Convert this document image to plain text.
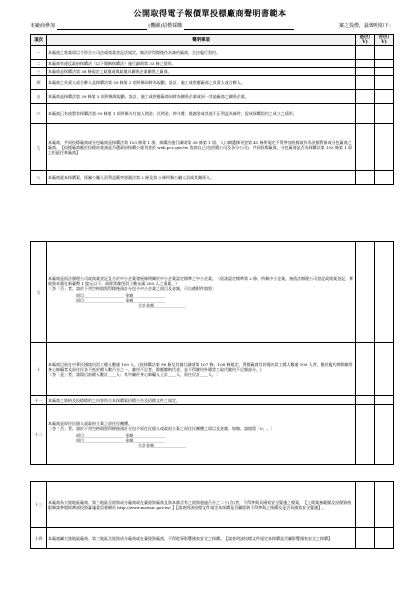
公開取得電子報價單投標廠商聲明書範本
本廠商參加	(機關)招標採購	案之投標，茲聲明如下：
項次	聲明事項	是(打V)	否(打V)
一	本廠商之營業項目不符合公司法或商業登記法規定，無法於得標後作為簽約廠商，合法履行契約。		
二	本廠商有違反政府採購法（以下簡稱採購法）施行細則第 33 條之情形。		
三	本廠商是採購法第 38 條規定之政黨或與政黨具關係企業關係之廠商。		
四	本廠商之負責人或合夥人是採購法第 39 條第 2 項所稱同時為規劃、設計、施工或供應廠商之負責人或合夥人。		
五	本廠商是採購法第 39 條第 3 項所稱與規劃、設計、施工或供應廠商同時為關係企業或同一其他廠商之關係企業。		
六	本廠商已有或將有採購法第 59 條第 1 項所稱支付他人佣金、比例金、仲介費、後謝金或其他不正利益為條件，促成採購契約之成立之情形。		
七	本廠商、共同投標廠商或分包廠商是採購法第 103 條第 1 項、採購法施行細則第 38 條第 1 項、入口網選擇刊登第 41 條所規定不得參加投標或作為決標對象或分包廠商之廠商。【投標廠商應於投標前查詢是否遭政府採購公報刊登於 web.pcc.gov.tw 查詢自己(包括總公司及各分公司)、共同投標廠商、分包廠商是否為採購法第 103 條第 1 項之拒絕往來廠商】		
八	本廠商就本採購案，係屬公職人員利益衝突迴避法第 2 條及第 3 條所稱公職人員或其關係人。		
九	本廠商是依法辦理公司或商業登記且合於中小企業發展條例關於中小企業認定標準之中小企業。（依該認定標準第 2 條，所稱中小企業，指依法辦理公司登記或商業登記，實收資本額在新臺幣 1 億元以下，或經常僱用員工數未滿 200 人之事業。）
〔答「否」者，請於下列空格填寫得標後預計分包予中小企業之項目及金額，可自備附件填寫〕
項目＿＿＿＿＿＿＿＿＿＿ 金額＿＿＿＿＿＿＿＿
項目＿＿＿＿＿＿＿＿＿＿ 金額＿＿＿＿＿＿＿＿
合計金額＿＿＿＿＿＿＿＿		

十	本廠商目前在中華民國境內員工總人數逾 100 人。(依採購法第 98 條及其施行細則第 107 條、108 條規定，得標廠商其於國內員工總人數逾 100 人者，應於履約期間僱用身心障礙者及原住民各不低於總人數百分之一，僱用不足者，除應繳納代金，並不得僱用外籍勞工取代僱用不足額部分。)
〔答「是」者，請填目前總人數計＿＿人；其中屬於身心障礙人士計＿＿人、原住民計＿＿人。〕		

十一	本廠商之資格及投標標的之內容符合本採購案招標公告及招標文件之規定。		
十二	本廠商是原住民個人或政府立案之原住民團體。
〔答「否」者，請於下列空格填寫得標後預計分包予原住民個人或政府立案之原住民團體之項目及金額，如無，請填寫「0」。〕
項目＿＿＿＿＿＿＿＿＿＿ 金額＿＿＿＿＿＿＿＿
項目＿＿＿＿＿＿＿＿＿＿ 金額＿＿＿＿＿＿＿＿
合計金額＿＿＿＿＿＿＿＿		

十三	本廠商為大陸地區廠商、第三地區含陸資成分廠商或在臺陸資廠商且資本額含有之陸資超過百分之二十(含)者，不得參與具國家安全疑慮之標案，【上開業務範圍及投標資格限制請參閱經濟部投資審議委員會網站 http://www.moeaic.gov.tw/ 】【請查明該投標文件規定本採購是否屬陸資不得參與之採購及是否具國家安全疑慮】。		
十四	本廠商屬大陸地區廠商、第三地區含陸資成分廠商或在臺陸資廠商，不得從事影響國家安全之採購。【請查明該投標文件規定本採購是否屬影響國家安全之採購】		
